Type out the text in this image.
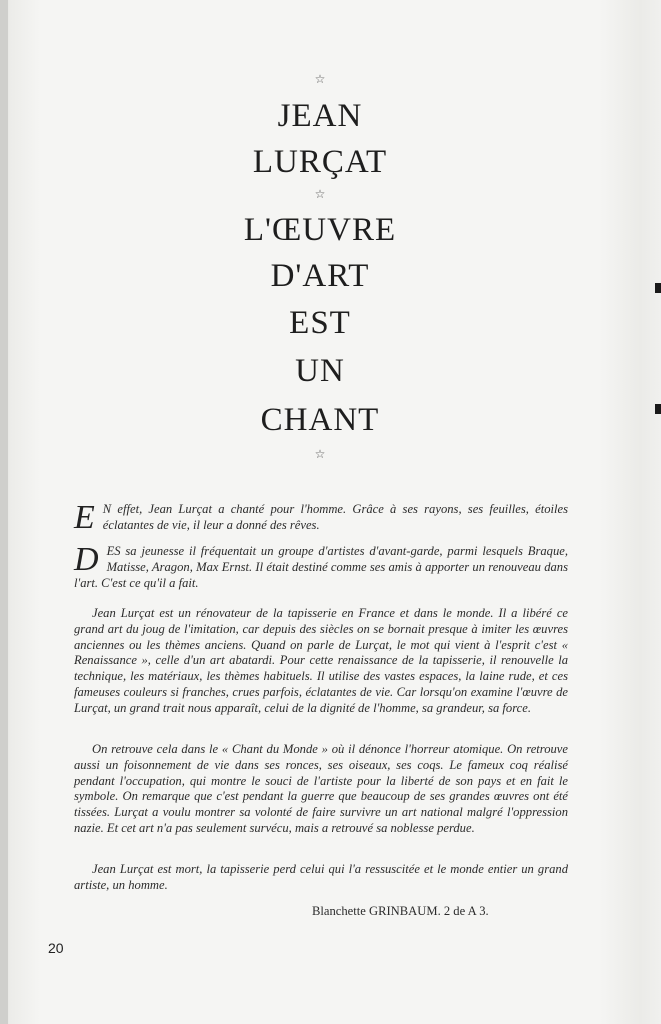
☆
JEAN
LURÇAT
☆
L'ŒUVRE
D'ART
EST
UN
CHANT
☆

E N effet, Jean Lurçat a chanté pour l'homme. Grâce à ses rayons, ses feuilles, étoiles éclatantes de vie, il leur a donné des rêves.

DES sa jeunesse il fréquentait un groupe d'artistes d'avant-garde, parmi lesquels Braque, Matisse, Aragon, Max Ernst. Il était destiné comme ses amis à apporter un renouveau dans l'art. C'est ce qu'il a fait.

Jean Lurçat est un rénovateur de la tapisserie en France et dans le monde. Il a libéré ce grand art du joug de l'imitation, car depuis des siècles on se bornait presque à imiter les œuvres anciennes ou les thèmes anciens. Quand on parle de Lurçat, le mot qui vient à l'esprit c'est « Renaissance », celle d'un art abatardi. Pour cette renaissance de la tapisserie, il renouvelle la technique, les matériaux, les thèmes habituels. Il utilise des vastes espaces, la laine rude, et ces fameuses couleurs si franches, crues parfois, éclatantes de vie. Car lorsqu'on examine l'œuvre de Lurçat, un grand trait nous apparaît, celui de la dignité de l'homme, sa grandeur, sa force.

On retrouve cela dans le « Chant du Monde » où il dénonce l'horreur atomique. On retrouve aussi un foisonnement de vie dans ses ronces, ses oiseaux, ses coqs. Le fameux coq réalisé pendant l'occupation, qui montre le souci de l'artiste pour la liberté de son pays et en fait le symbole. On remarque que c'est pendant la guerre que beaucoup de ses grandes œuvres ont été tissées. Lurçat a voulu montrer sa volonté de faire survivre un art national malgré l'oppression nazie. Et cet art n'a pas seulement survécu, mais a retrouvé sa noblesse perdue.

Jean Lurçat est mort, la tapisserie perd celui qui l'a ressuscitée et le monde entier un grand artiste, un homme.

Blanchette GRINBAUM. 2 de A 3.
20
